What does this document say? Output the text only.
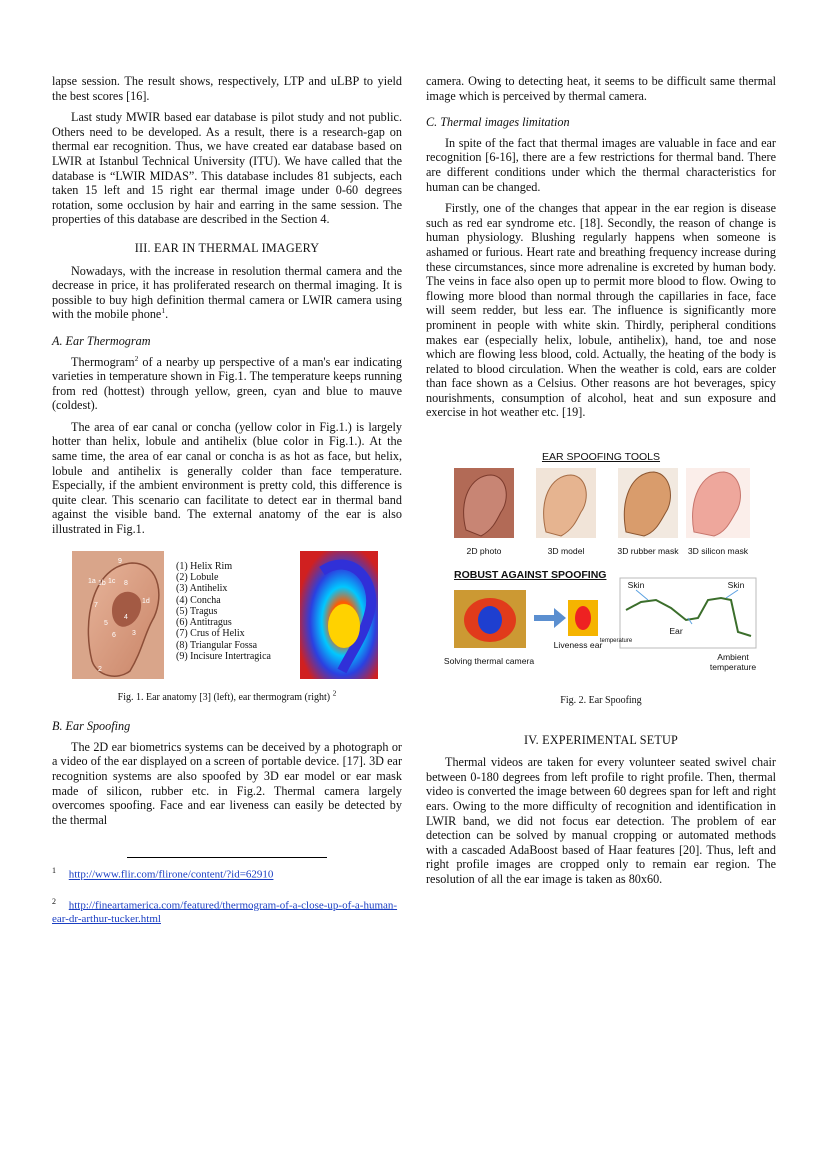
lapse session. The result shows, respectively, LTP and uLBP to yield the best scores [16].

Last study MWIR based ear database is pilot study and not public. Others need to be developed. As a result, there is a research-gap on thermal ear recognition. Thus, we have created ear database based on LWIR at Istanbul Technical University (ITU). We have called that the database is “LWIR MIDAS”. This database includes 81 subjects, each taken 15 left and 15 right ear thermal image under 0-60 degrees rotation, some occlusion by hair and earring in the same session. The properties of this database are described in the Section 4.

III. EAR IN THERMAL IMAGERY

Nowadays, with the increase in resolution thermal camera and the decrease in price, it has proliferated research on thermal imaging. It is possible to buy high definition thermal camera or LWIR camera using with the mobile phone$^1$.

A. Ear Thermogram

Thermogram$^2$ of a nearby up perspective of a man's ear indicating varieties in temperature shown in Fig.1. The temperature keeps running from red (hottest) through yellow, green, cyan and blue to mauve (coldest).

The area of ear canal or concha (yellow color in Fig.1.) is largely hotter than helix, lobule and antihelix (blue color in Fig.1.). At the same time, the area of ear canal or concha is as hot as face, but helix, lobule and antihelix is generally colder than face temperature. Especially, if the ambient environment is pretty cold, this difference is quite clear. This scenario can facilitate to detect ear in thermal band against the visible band. The external anatomy of the ear is also illustrated in Fig.1.

1a 1b 1c
2
3
4
5
6
7
8
9
1d
(1) Helix Rim
(2) Lobule
(3) Antihelix
(4) Concha
(5) Tragus
(6) Antitragus
(7) Crus of Helix
(8) Triangular Fossa
(9) Incisure Intertragica
Fig. 1. Ear anatomy [3] (left), ear thermogram (right) $^2$
B. Ear Spoofing

The 2D ear biometrics systems can be deceived by a photograph or a video of the ear displayed on a screen of portable device. [17]. 3D ear recognition systems are also spoofed by 3D ear model or ear mask made of silicon, rubber etc. in Fig.2. Thermal camera largely overcomes spoofing. Face and ear liveness can easily be detected by the thermal

1 http://www.flir.com/flirone/content/?id=62910
2 http://fineartamerica.com/featured/thermogram-of-a-close-up-of-a-human-ear-dr-arthur-tucker.html

camera. Owing to detecting heat, it seems to be difficult same thermal image which is perceived by thermal camera.

C. Thermal images limitation

In spite of the fact that thermal images are valuable in face and ear recognition [6-16], there are a few restrictions for thermal band. There are different conditions under which the thermal characteristics for human can be changed.

Firstly, one of the changes that appear in the ear region is disease such as red ear syndrome etc. [18]. Secondly, the reason of change is human physiology. Blushing regularly happens when someone is ashamed or furious. Heart rate and breathing frequency increase during these circumstances, since more adrenaline is excreted by human body. The veins in face also open up to permit more blood to flow. Owing to flowing more blood than normal through the capillaries in face, face will seem redder, but less ear. The influence is significantly more prominent in people with white skin. Thirdly, peripheral conditions makes ear (especially helix, lobule, antihelix), hand, toe and nose which are flowing less blood, cold. Actually, the heating of the body is related to blood circulation. When the weather is cold, ears are colder than face shown as a Celsius. Other reasons are hot beverages, spicy nourishments, consumption of alcohol, heat and sun exposure and exercise in hot weather etc. [19].

EAR SPOOFING TOOLS
2D photo	3D model	3D rubber mask	3D silicon mask
ROBUST AGAINST SPOOFING
Solving thermal camera
Liveness ear
Skin	Skin
Ear
temperature
Ambient temperature
Fig. 2. Ear Spoofing
IV. EXPERIMENTAL SETUP

Thermal videos are taken for every volunteer seated swivel chair between 0-180 degrees from left profile to right profile. Then, thermal video is converted the image between 60 degrees span for left and right ears. Owing to the more difficulty of recognition and identification in LWIR band, we did not focus ear detection. The problem of ear detection can be solved by manual cropping or automated methods with a cascaded AdaBoost based of Haar features [20]. Thus, left and right profile images are cropped only to remain ear region. The resolution of all the ear image is taken as 80x60.
